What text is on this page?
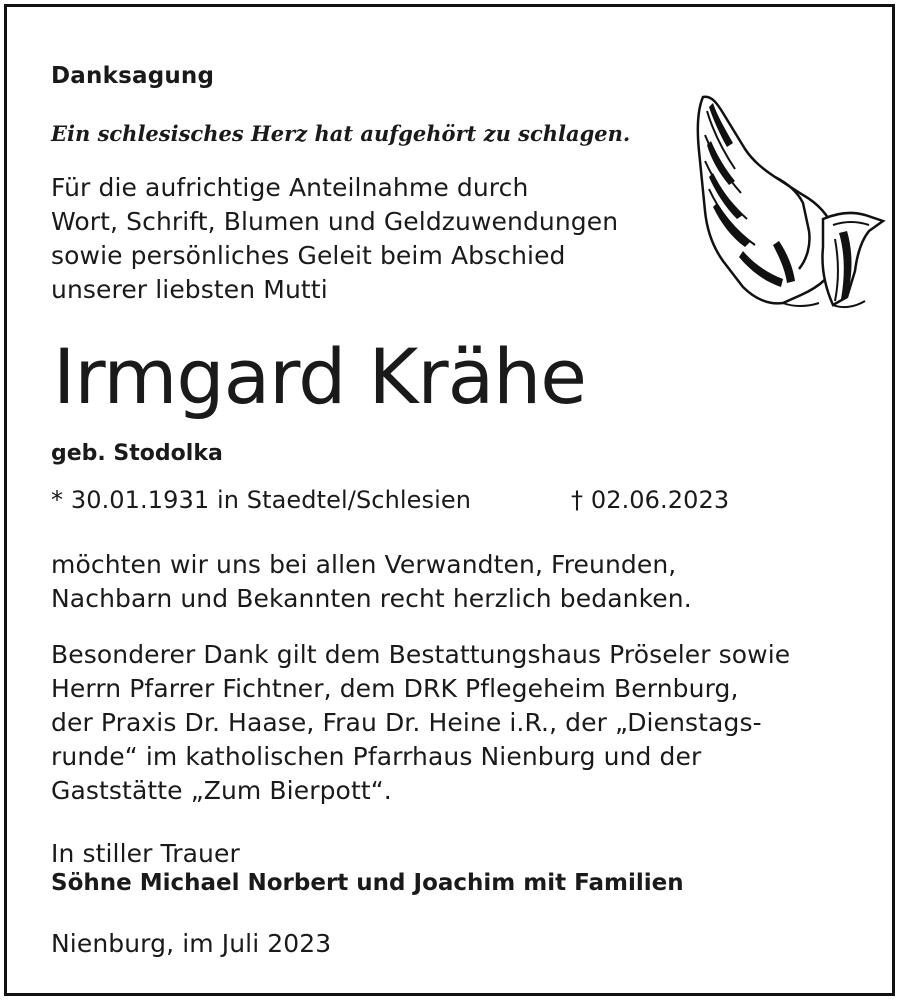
Danksagung
Ein schlesisches Herz hat aufgehört zu schlagen.
Für die aufrichtige Anteilnahme durch
Wort, Schrift, Blumen und Geldzuwendungen
sowie persönliches Geleit beim Abschied
unserer liebsten Mutti
Irmgard Krähe
geb. Stodolka
* 30.01.1931 in Staedtel/Schlesien	† 02.06.2023
möchten wir uns bei allen Verwandten, Freunden,
Nachbarn und Bekannten recht herzlich bedanken.
Besonderer Dank gilt dem Bestattungshaus Pröseler sowie
Herrn Pfarrer Fichtner, dem DRK Pflegeheim Bernburg,
der Praxis Dr. Haase, Frau Dr. Heine i.R., der „Dienstags-
runde“ im katholischen Pfarrhaus Nienburg und der
Gaststätte „Zum Bierpott“.
In stiller Trauer
Söhne Michael Norbert und Joachim mit Familien
Nienburg, im Juli 2023
